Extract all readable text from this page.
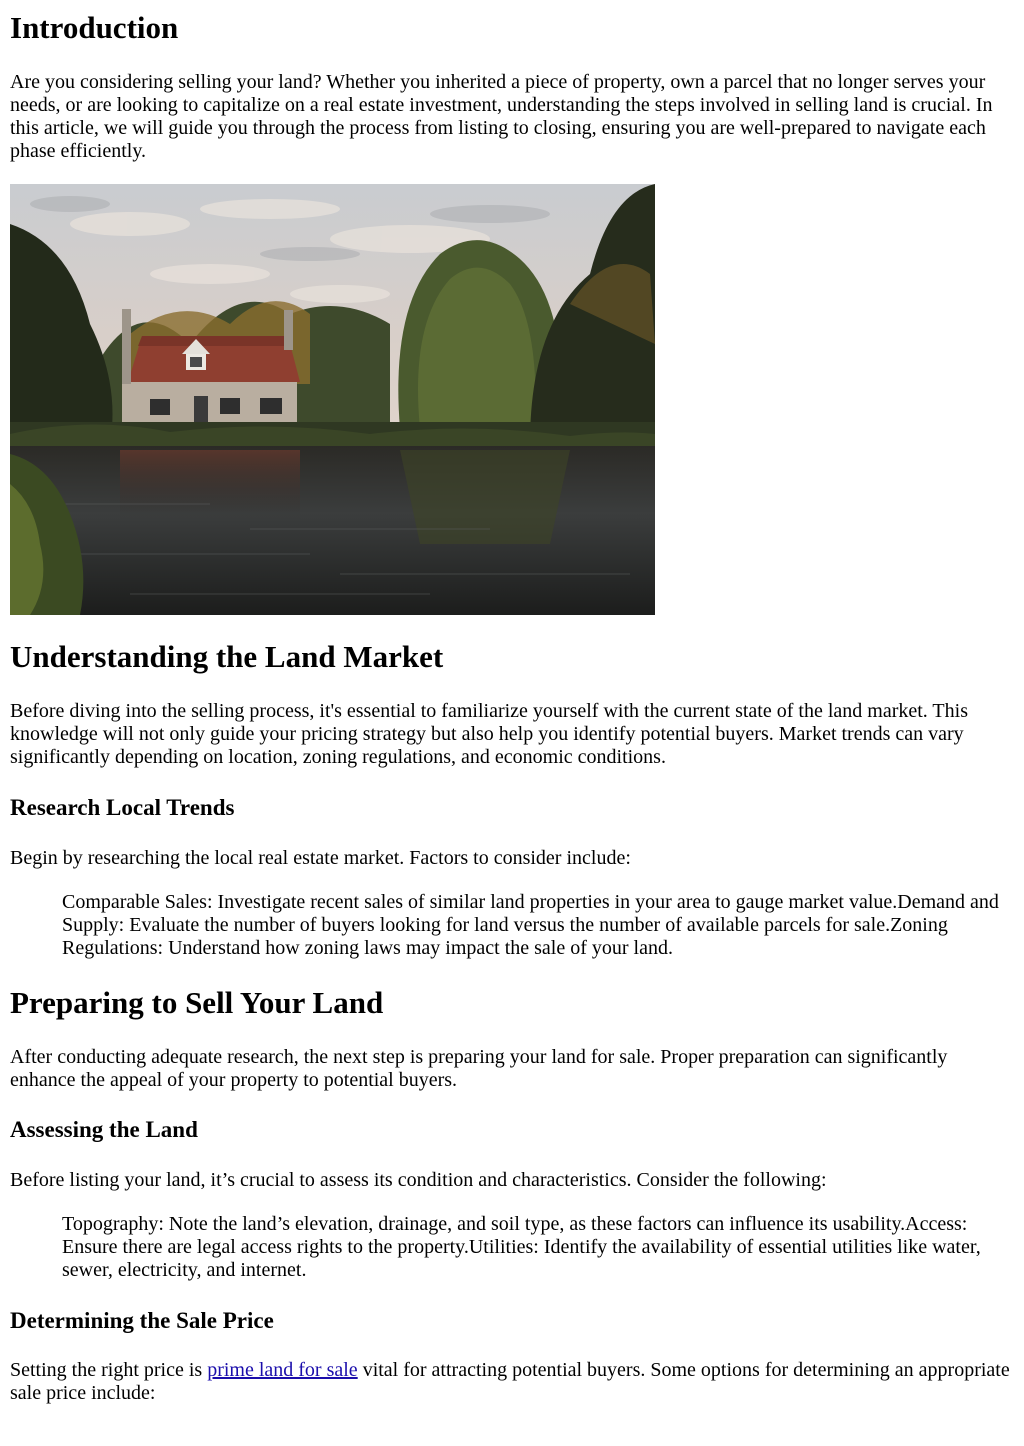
Introduction

Are you considering selling your land? Whether you inherited a piece of property, own a parcel that no longer serves your needs, or are looking to capitalize on a real estate investment, understanding the steps involved in selling land is crucial. In this article, we will guide you through the process from listing to closing, ensuring you are well-prepared to navigate each phase efficiently.

Understanding the Land Market

Before diving into the selling process, it's essential to familiarize yourself with the current state of the land market. This knowledge will not only guide your pricing strategy but also help you identify potential buyers. Market trends can vary significantly depending on location, zoning regulations, and economic conditions.

Research Local Trends

Begin by researching the local real estate market. Factors to consider include:

Comparable Sales: Investigate recent sales of similar land properties in your area to gauge market value.Demand and Supply: Evaluate the number of buyers looking for land versus the number of available parcels for sale.Zoning Regulations: Understand how zoning laws may impact the sale of your land.

Preparing to Sell Your Land

After conducting adequate research, the next step is preparing your land for sale. Proper preparation can significantly enhance the appeal of your property to potential buyers.

Assessing the Land

Before listing your land, it’s crucial to assess its condition and characteristics. Consider the following:

Topography: Note the land’s elevation, drainage, and soil type, as these factors can influence its usability.Access: Ensure there are legal access rights to the property.Utilities: Identify the availability of essential utilities like water, sewer, electricity, and internet.

Determining the Sale Price

Setting the right price is prime land for sale vital for attracting potential buyers. Some options for determining an appropriate sale price include:
